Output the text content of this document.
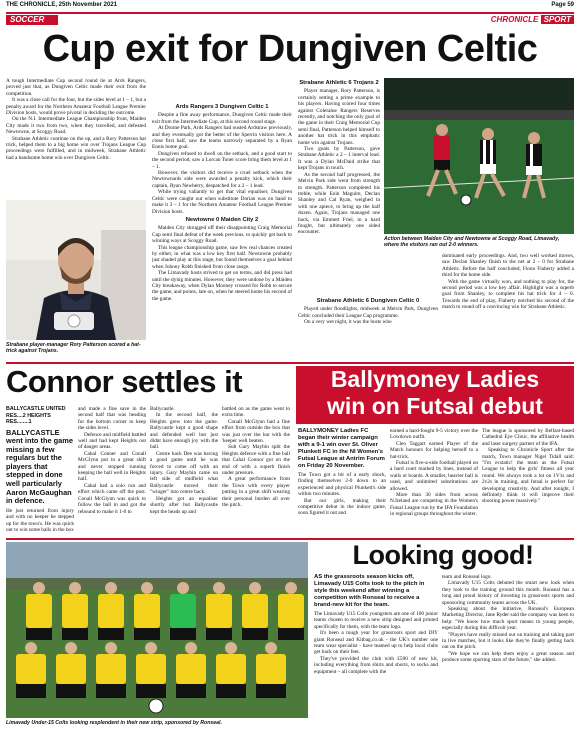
THE CHRONICLE, 25th November 2021	Page 59
SOCCER	CHRONICLE SPORT
Cup exit for Dungiven Celtic

A tough Intermediate Cup second round tie at Ards Rangers, proved just that, as Dungiven Celtic made their exit from the competition.

It was a close call for the four, but the sides level at 1 – 1, but a penalty award for the Northern Amateur Football League Premier Division hosts, would prove pivotal in deciding the outcome.

On the N.I. Intermediate League Championship front, Maiden City made it two from two, when they travelled, and defeated Newtowne, at Scoggy Road.

Strabane Athletic continue on the up, and a Rory Patterson hat trick, helped them to a big home win over Trojans League Cup proceedings were fulfilled, and in midweek, Strabane Athletic had a handsome home win over Dungiven Celtic.

Strabane player-manager Rory Patterson scored a hat-trick against Trojans.

Ards Rangers 3 Dungiven Celtic 1

Despite a fine away performance, Dungiven Celtic made their exit from the Intermediate Cup, at this second round stage.

At Drome Park, Ards Rangers had ousted Ardstraw previously, and they eventually got the better of the Sperrin visitors here. A close first half, saw the teams narrowly separated by a Ryan Ennis home goal.

Dungiven refused to dwell on the setback, and a good start to the second period, saw a Lorcan Toner score bring them level at 1 – 1.

However, the visitors did receive a cruel setback when the Newtownards side were awarded a penalty kick, which their captain, Ryan Newberry, despatched for a 2 – 1 lead.

While trying valiantly to get that vital equaliser, Dungiven Celtic were caught out when substitute Dorian was on hand to make it 3 – 1 for the Northern Amateur Football League Premier Division hosts.

Newtowne 0 Maiden City 2

Maiden City shrugged off their disappointing Craig Memorial Cup semi final defeat of the week previous, to quickly get back to winning ways at Scoggy Road.

This league championship game, saw few real chances created by either, in what was a low key first half. Newtowne probably just shaded play at this stage, but found themselves a goal behind when Johnny Robb finished from close range.

The Limavady hosts strived to get on terms, and did press had until the dying minutes. However, they were undone by a Maiden City breakaway, when Dylan Mooney crossed for Robb to secure the game, and points, late on, when he steered home his second of the game.

Strabane Athletic 6 Trojans 2

Player manager, Rory Patterson, is certainly setting a prime example to his players. Having scored four times against Coleraine Rangers Reserves recently, and notching the only goal of the game in their Craig Memorial Cup semi final, Patterson helped himself to another hat trick in this emphatic home win against Trojans.

Two goals by Patterson, gave Strabane Athletic a 2 – 1 interval lead. It was a Dylan McDaid strike that kept Trojans in touch.

As the second half progressed, the Melvin Park side went from strength to strength. Patterson completed his treble, while Eoin Maguire, Declan Shanley and Cal Ryan, weighed in with one apiece, to bring up the half dozen. Again, Trojans managed one back, via Emmett Friel, in a hard fought, but ultimately one sided encounter.

Strabane Athletic 6 Dungiven Celtic 0

Played under floodlights, midweek at Melvin Park, Dungiven Celtic concluded their League Cup programme.

On a very wet night, it was the hosts who

Action between Maiden City and Newtowne at Scoggy Road, Limavady, where the visitors ran out 2-0 winners.

dominated early proceedings. And, two well worked moves, saw Declan Shanley finish to the net at 2 – 0 for Strabane Athletic. Before the half concluded, Fionn Flaherty added a third for the home side.

With the game virtually won, and nothing to play for, the second period was a low key affair. Highlight was a superb goal from Shanley, to complete his hat trick for 4 – 0. Towards the end of play, Flaherty notched his second of the match to round off a convincing win for Strabane Athletic.

Connor settles it

BALLYCASTLE UNITED RES....2 HEIGHTS RES........1

BALLYCASTLE went into the game missing a few regulars but the players that stepped in done well particularly Aaron McGaughan in defence.

He just returned from injury and with no keeper he stepped up for the town's. He was quick out to win some balls in the box

and made a fine save in the second half that was heading for the bottom corner to keep the sides level.

Defence and midfield battled well and had kept Heights out of danger areas.

Cahal Conner and Conall McGlynn put in a great shift and never stopped running keeping the ball well in Heights half.

Cahal had a solo run and effort which came off the post. Conall McGlynn was quick to follow the ball in and got the rebound to make it 1-0 to

Ballycastle.

In the second half, the Heights grew into the game. Ballycastle kept a good shape and defended well but just didnt have enough joy with the ball.

Centre back Dee was having a good game until he was forced to come off with an injury. Gary Maybin came on left side of midfield what Ballycastle moved their "winger" into centre back.

Heights got an equaliser shortly after but Ballycastle kept the heads up and

battled on as the game went to extra time.

Conall McGlynn had a fine effort from outside the box that was just over the bar with the 'keeper well beaten.

Sub Gary Maybin split the Heights defence with a fine ball that Cahal Connor got on the end of with a superb finish under pressure.

A great performance from the Town with every player putting in a great shift wearing their personal burden all over the pitch.

Ballymoney Ladies
win on Futsal debut

BALLYMONEY Ladies FC began their winter campaign with a 9-1 win over St. Oliver Plunkett FC in the NI Women's Futsal League at Antrim Forum on Friday 20 November.

The Town got a bit of a early shock, finding themselves 2-0 down to an experienced and physical Plunkett's side within two minutes.

But our girls, making their competitive debut in the indoor game, soon figured it out and

earned a hard-fought 9-5 victory over the Lowdown outfit.

Cleo Taggart earned Player of the Match honours for helping herself to a hat-trick.

Futsal is five-a-side football played on a hard court marked by lines, instead of walls or boards. A smaller, heavier ball is used, and unlimited substitutions are allowed.

More than 30 sides from across N.Ireland are competing in the Women's Futsal League run by the IFA Foundation in regional groups throughout the winter.

The league is sponsored by Belfast-based Cathedral Eye Clinic, the affiliative health and laser surgery partner of the IFA.

Speaking to Chronicle Sport after the match, Town manager Nigel Tidall said: "I'm ecstatic! the team as the Futsal League to help the girls' fitness all year round. We always took a lot on 1V1s and 2v2s in training, and futsal is perfect for developing creativity. And after tonight, I definitely think it will improve their shooting power massively."

Limavady Under-15 Colts looking resplendent in their new strip, sponsored by Ronseal.
Looking good!

AS the grassroots season kicks off, Limavady U15 Colts took to the pitch in style this weekend after winning a competition with Ronseal to receive a brand-new kit for the team.

The Limavady U15 Colts youngsters are one of 100 junior teams chosen to receive a new strip designed and printed specifically for them, with the team logo.

It's been a tough year for grassroots sport and DIY giant Ronseal and Kitbag.co.uk - the UK's number one team wear specialist - have teamed up to help local clubs get back on their feet.

They've provided the club with £500 of new kit, including everything from shirts and shorts, to socks and equipment – all complete with the

team and Ronseal logo.

Limavady U15 Colts debuted the smart new look when they took to the training ground this month. Ronseal has a long and proud history of investing in grassroots sports and sponsoring community teams across the UK.

Speaking about the initiative, Ronseal's European Marketing Director, Jane Ryder said the company was keen to help: "We know how much sport means to young people, especially during this difficult year.

"Players have really missed out on training and taking part in live matches, but it looks like they're finally getting back out on the pitch.

"We hope we can help them enjoy a great season and produce some sporting stars of the future," she added.
